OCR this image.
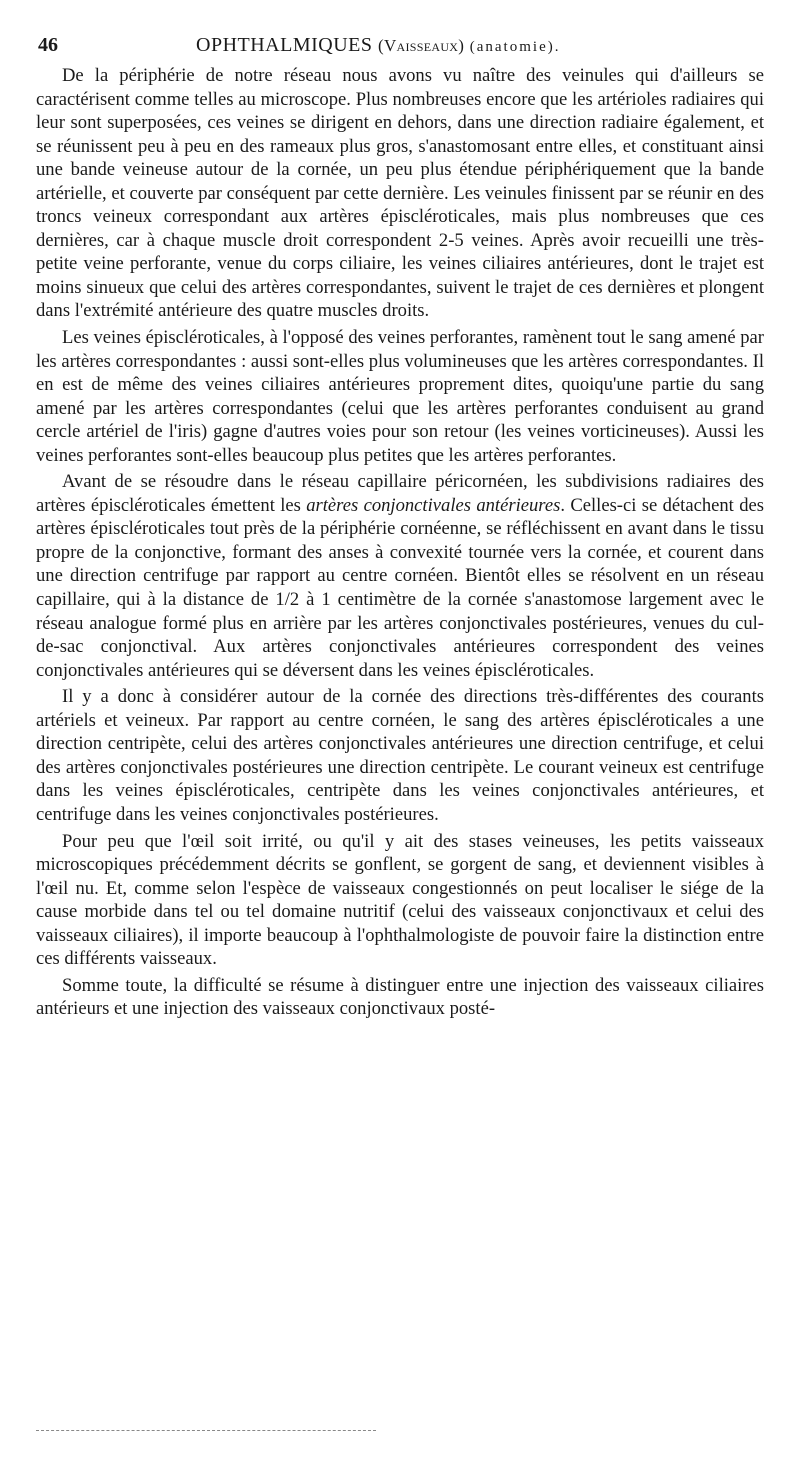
46	OPHTHALMIQUES (Vaisseaux) (anatomie).

De la périphérie de notre réseau nous avons vu naître des veinules qui d'ailleurs se caractérisent comme telles au microscope. Plus nombreuses encore que les artérioles radiaires qui leur sont superposées, ces veines se dirigent en dehors, dans une direction radiaire également, et se réunissent peu à peu en des rameaux plus gros, s'anastomosant entre elles, et constituant ainsi une bande veineuse autour de la cornée, un peu plus étendue périphériquement que la bande artérielle, et couverte par conséquent par cette dernière. Les veinules finissent par se réunir en des troncs veineux correspondant aux artères épiscléroticales, mais plus nombreuses que ces dernières, car à chaque muscle droit correspondent 2-5 veines. Après avoir recueilli une très-petite veine perforante, venue du corps ciliaire, les veines ciliaires antérieures, dont le trajet est moins sinueux que celui des artères correspondantes, suivent le trajet de ces dernières et plongent dans l'extrémité antérieure des quatre muscles droits.

Les veines épiscléroticales, à l'opposé des veines perforantes, ramènent tout le sang amené par les artères correspondantes : aussi sont-elles plus volumineuses que les artères correspondantes. Il en est de même des veines ciliaires antérieures proprement dites, quoiqu'une partie du sang amené par les artères correspondantes (celui que les artères perforantes conduisent au grand cercle artériel de l'iris) gagne d'autres voies pour son retour (les veines vorticineuses). Aussi les veines perforantes sont-elles beaucoup plus petites que les artères perforantes.

Avant de se résoudre dans le réseau capillaire péricornéen, les subdivisions radiaires des artères épiscléroticales émettent les artères conjonctivales antérieures. Celles-ci se détachent des artères épiscléroticales tout près de la périphérie cornéenne, se réfléchissent en avant dans le tissu propre de la conjonctive, formant des anses à convexité tournée vers la cornée, et courent dans une direction centrifuge par rapport au centre cornéen. Bientôt elles se résolvent en un réseau capillaire, qui à la distance de 1/2 à 1 centimètre de la cornée s'anastomose largement avec le réseau analogue formé plus en arrière par les artères conjonctivales postérieures, venues du cul-de-sac conjonctival. Aux artères conjonctivales antérieures correspondent des veines conjonctivales antérieures qui se déversent dans les veines épiscléroticales.

Il y a donc à considérer autour de la cornée des directions très-différentes des courants artériels et veineux. Par rapport au centre cornéen, le sang des artères épiscléroticales a une direction centripète, celui des artères conjonctivales antérieures une direction centrifuge, et celui des artères conjonctivales postérieures une direction centripète. Le courant veineux est centrifuge dans les veines épiscléroticales, centripète dans les veines conjonctivales antérieures, et centrifuge dans les veines conjonctivales postérieures.

Pour peu que l'œil soit irrité, ou qu'il y ait des stases veineuses, les petits vaisseaux microscopiques précédemment décrits se gonflent, se gorgent de sang, et deviennent visibles à l'œil nu. Et, comme selon l'espèce de vaisseaux congestionnés on peut localiser le siége de la cause morbide dans tel ou tel domaine nutritif (celui des vaisseaux conjonctivaux et celui des vaisseaux ciliaires), il importe beaucoup à l'ophthalmologiste de pouvoir faire la distinction entre ces différents vaisseaux.

Somme toute, la difficulté se résume à distinguer entre une injection des vaisseaux ciliaires antérieurs et une injection des vaisseaux conjonctivaux posté-
